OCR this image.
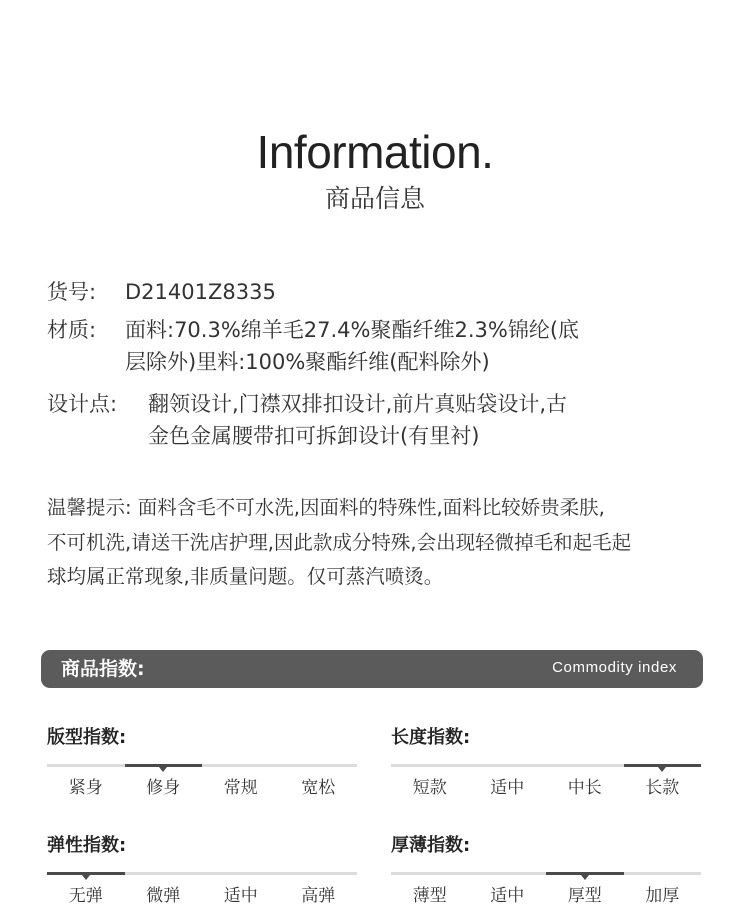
Information.
商品信息
货号:	D21401Z8335
材质:	面料:70.3%绵羊毛27.4%聚酯纤维2.3%锦纶(底
层除外)里料:100%聚酯纤维(配料除外)
设计点:	翻领设计,门襟双排扣设计,前片真贴袋设计,古
金色金属腰带扣可拆卸设计(有里衬)
温馨提示: 面料含毛不可水洗,因面料的特殊性,面料比较娇贵柔肤,
不可机洗,请送干洗店护理,因此款成分特殊,会出现轻微掉毛和起毛起
球均属正常现象,非质量问题。仅可蒸汽喷烫。
商品指数:	Commodity index
版型指数:
紧身	修身	常规	宽松
长度指数:
短款	适中	中长	长款
弹性指数:
无弹	微弹	适中	高弹
厚薄指数:
薄型	适中	厚型	加厚
